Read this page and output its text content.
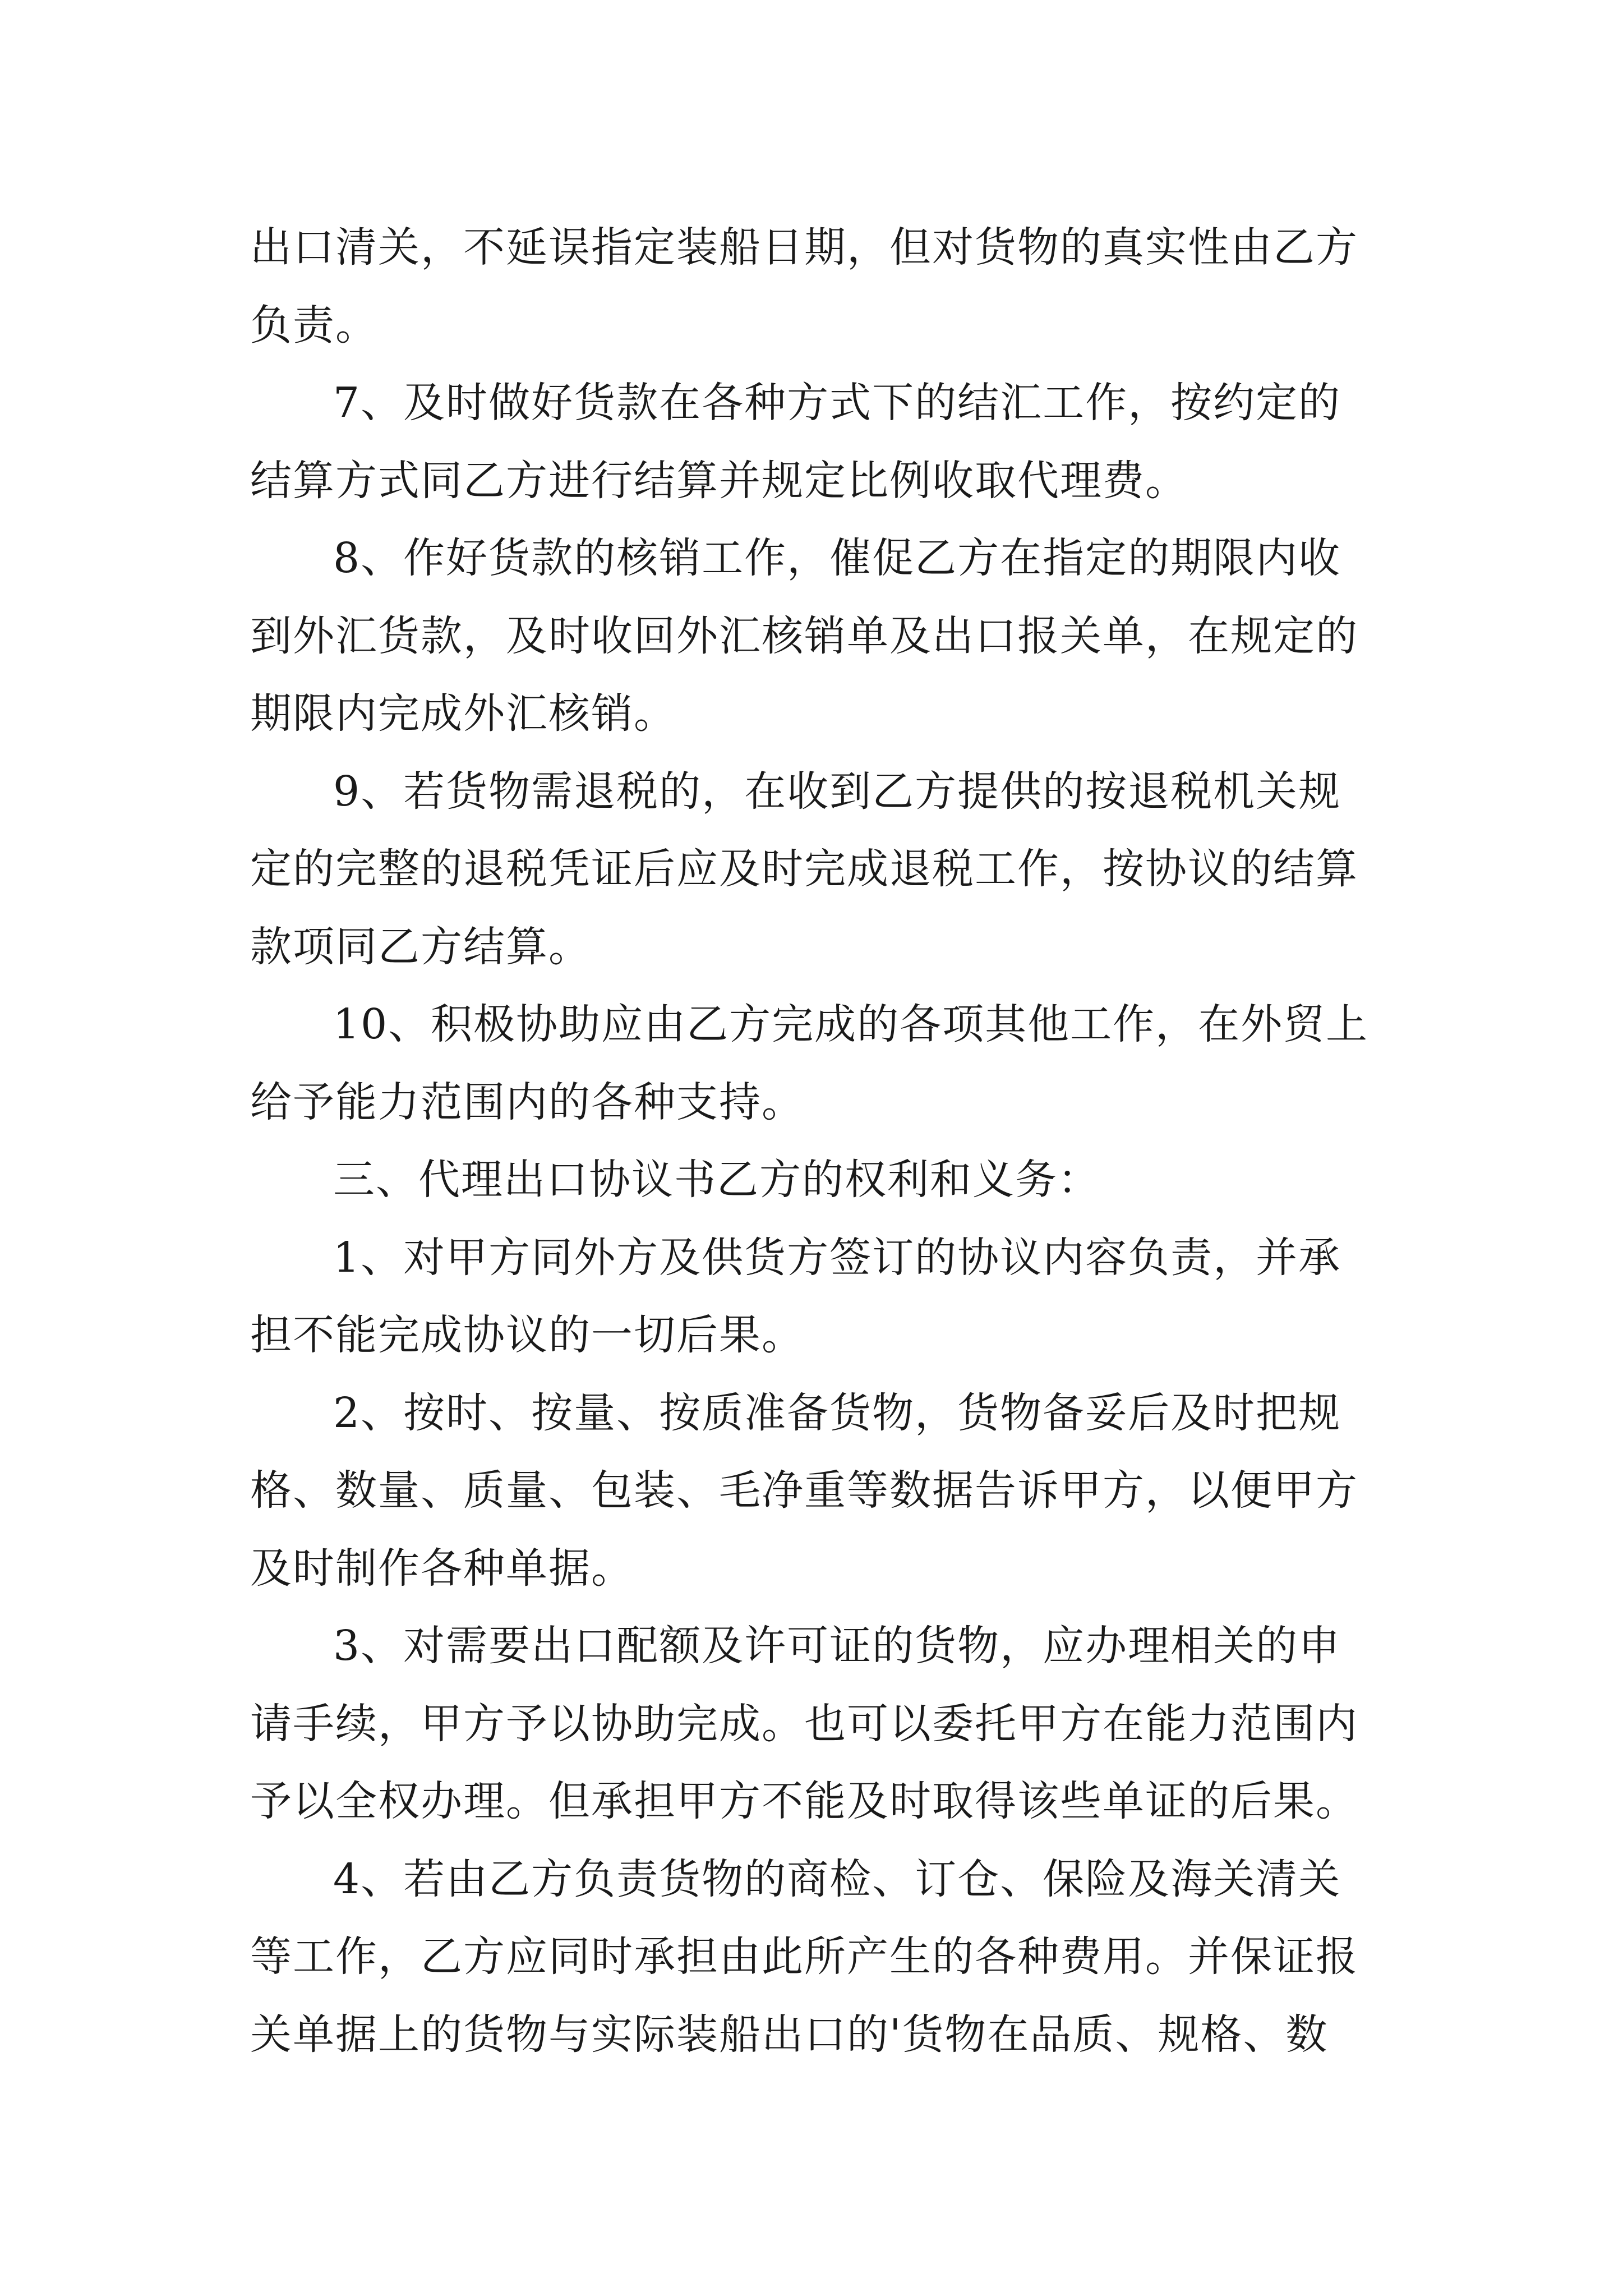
出口清关，不延误指定装船日期，但对货物的真实性由乙方
负责。
7、及时做好货款在各种方式下的结汇工作，按约定的
结算方式同乙方进行结算并规定比例收取代理费。
8、作好货款的核销工作，催促乙方在指定的期限内收
到外汇货款，及时收回外汇核销单及出口报关单，在规定的
期限内完成外汇核销。
9、若货物需退税的，在收到乙方提供的按退税机关规
定的完整的退税凭证后应及时完成退税工作，按协议的结算
款项同乙方结算。
10、积极协助应由乙方完成的各项其他工作，在外贸上
给予能力范围内的各种支持。
三、代理出口协议书乙方的权利和义务：
1、对甲方同外方及供货方签订的协议内容负责，并承
担不能完成协议的一切后果。
2、按时、按量、按质准备货物，货物备妥后及时把规
格、数量、质量、包装、毛净重等数据告诉甲方，以便甲方
及时制作各种单据。
3、对需要出口配额及许可证的货物，应办理相关的申
请手续，甲方予以协助完成。也可以委托甲方在能力范围内
予以全权办理。但承担甲方不能及时取得该些单证的后果。
4、若由乙方负责货物的商检、订仓、保险及海关清关
等工作，乙方应同时承担由此所产生的各种费用。并保证报
关单据上的货物与实际装船出口的'货物在品质、规格、数
